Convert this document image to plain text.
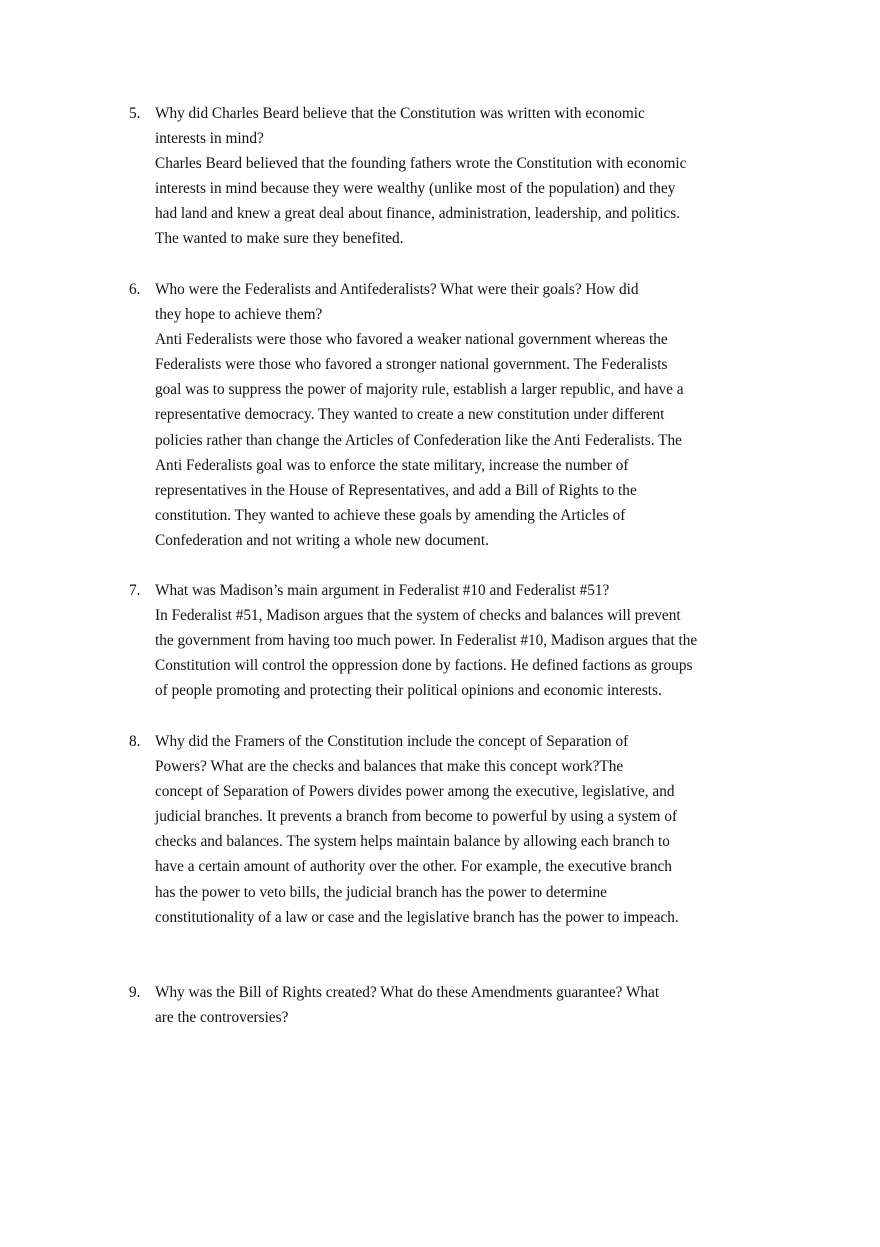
5. Why did Charles Beard believe that the Constitution was written with economic
interests in mind?
Charles Beard believed that the founding fathers wrote the Constitution with economic
interests in mind because they were wealthy (unlike most of the population) and they
had land and knew a great deal about finance, administration, leadership, and politics.
The wanted to make sure they benefited.
6. Who were the Federalists and Antifederalists? What were their goals? How did
they hope to achieve them?
Anti Federalists were those who favored a weaker national government whereas the
Federalists were those who favored a stronger national government. The Federalists
goal was to suppress the power of majority rule, establish a larger republic, and have a
representative democracy. They wanted to create a new constitution under different
policies rather than change the Articles of Confederation like the Anti Federalists. The
Anti Federalists goal was to enforce the state military, increase the number of
representatives in the House of Representatives, and add a Bill of Rights to the
constitution. They wanted to achieve these goals by amending the Articles of
Confederation and not writing a whole new document.
7. What was Madison’s main argument in Federalist #10 and Federalist #51?
In Federalist #51, Madison argues that the system of checks and balances will prevent
the government from having too much power. In Federalist #10, Madison argues that the
Constitution will control the oppression done by factions. He defined factions as groups
of people promoting and protecting their political opinions and economic interests.
8. Why did the Framers of the Constitution include the concept of Separation of
Powers? What are the checks and balances that make this concept work?The
concept of Separation of Powers divides power among the executive, legislative, and
judicial branches. It prevents a branch from become to powerful by using a system of
checks and balances. The system helps maintain balance by allowing each branch to
have a certain amount of authority over the other. For example, the executive branch
has the power to veto bills, the judicial branch has the power to determine
constitutionality of a law or case and the legislative branch has the power to impeach.
9. Why was the Bill of Rights created? What do these Amendments guarantee? What
are the controversies?
